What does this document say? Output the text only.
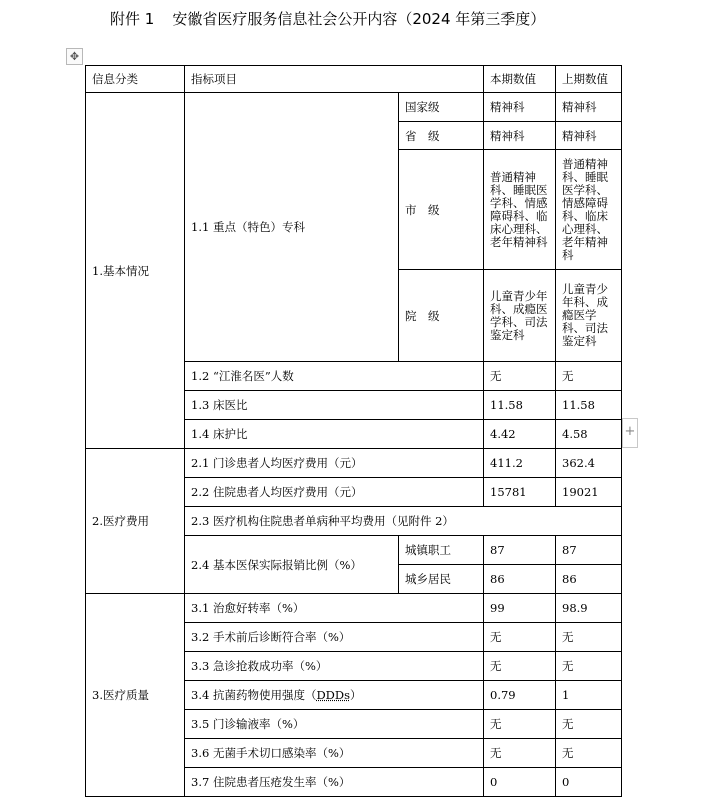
附件 1 安徽省医疗服务信息社会公开内容（2024 年第三季度）
✥
+
信息分类	指标项目		本期数值	上期数值
1.基本情况	1.1 重点（特色）专科	国家级	精神科	精神科
		省　级	精神科	精神科
		市　级	普通精神科、睡眠医学科、情感障碍科、临床心理科、老年精神科	普通精神科、睡眠医学科、情感障碍科、临床心理科、老年精神科
		院　级	儿童青少年科、成瘾医学科、司法鉴定科	儿童青少年科、成瘾医学科、司法鉴定科
	1.2 “江淮名医”人数		无	无
	1.3 床医比		11.58	11.58
	1.4 床护比		4.42	4.58
2.医疗费用	2.1 门诊患者人均医疗费用（元）		411.2	362.4
	2.2 住院患者人均医疗费用（元）		15781	19021
	2.3 医疗机构住院患者单病种平均费用（见附件 2）			
	2.4 基本医保实际报销比例（%）	城镇职工	87	87
		城乡居民	86	86
3.医疗质量	3.1 治愈好转率（%）		99	98.9
	3.2 手术前后诊断符合率（%）		无	无
	3.3 急诊抢救成功率（%）		无	无
	3.4 抗菌药物使用强度（DDDs）		0.79	1
	3.5 门诊输液率（%）		无	无
	3.6 无菌手术切口感染率（%）		无	无
	3.7 住院患者压疮发生率（%）		0	0
